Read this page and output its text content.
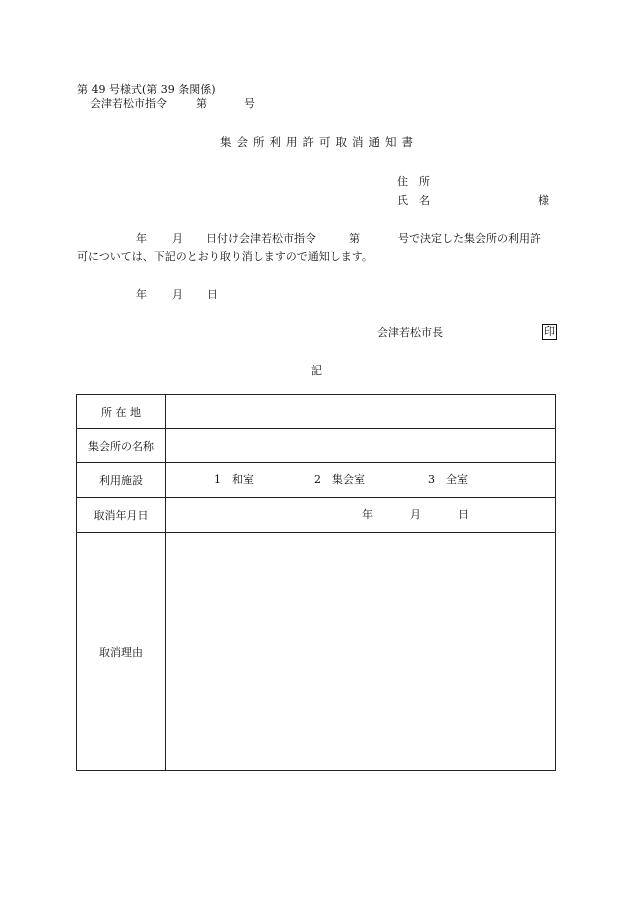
第 49 号様式(第 39 条関係)
会津若松市指令	第	号
集会所利用許可取消通知書
住　所
氏　名	様
年 月 日付け会津若松市指令	第	号で決定した集会所の利用許
可については、下記のとおり取り消しますので通知します。
年 月 日
会津若松市長	印
記
所 在 地	
集会所の名称	
利用施設	1　和室 2　集会室 3　全室

取消年月日	年 月 日

取消理由	
